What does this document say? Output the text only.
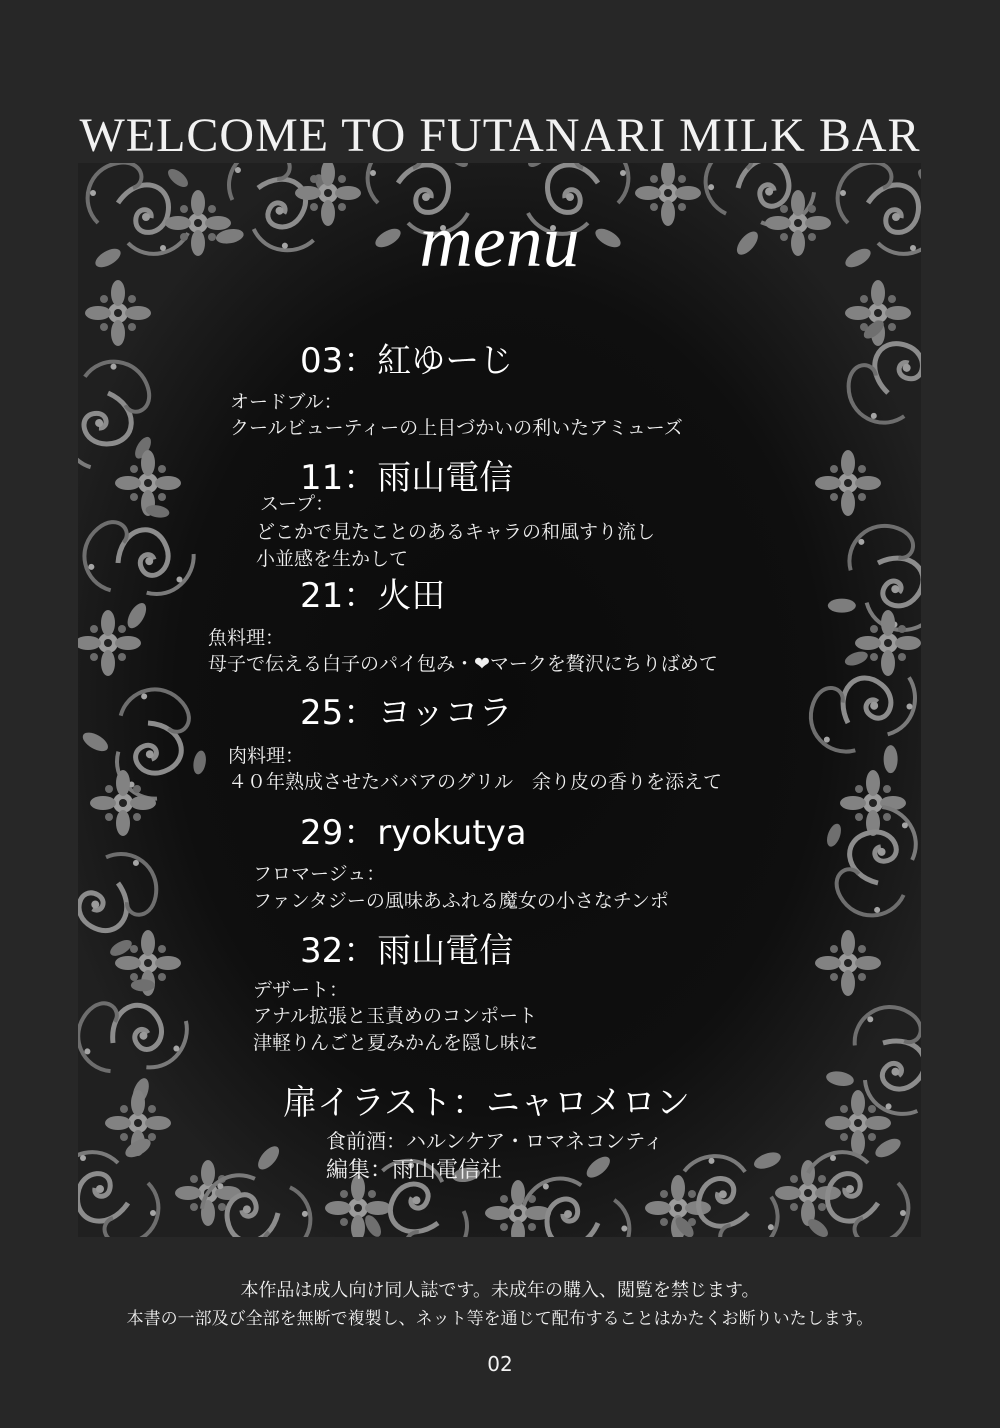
WELCOME TO FUTANARI MILK BAR
menu
03：紅ゆーじ
オードブル：
クールビューティーの上目づかいの利いたアミューズ
11：雨山電信
スープ：
どこかで見たことのあるキャラの和風すり流し
小並感を生かして
21：火田
魚料理：
母子で伝える白子のパイ包み・❤マークを贅沢にちりばめて
25：ヨッコラ
肉料理：
４０年熟成させたババアのグリル　余り皮の香りを添えて
29：ryokutya
フロマージュ：
ファンタジーの風味あふれる魔女の小さなチンポ
32：雨山電信
デザート：
アナル拡張と玉責めのコンポート
津軽りんごと夏みかんを隠し味に
扉イラスト：ニャロメロン
食前酒：ハルンケア・ロマネコンティ
編集：雨山電信社
本作品は成人向け同人誌です。未成年の購入、閲覧を禁じます。
本書の一部及び全部を無断で複製し、ネット等を通じて配布することはかたくお断りいたします。
02
